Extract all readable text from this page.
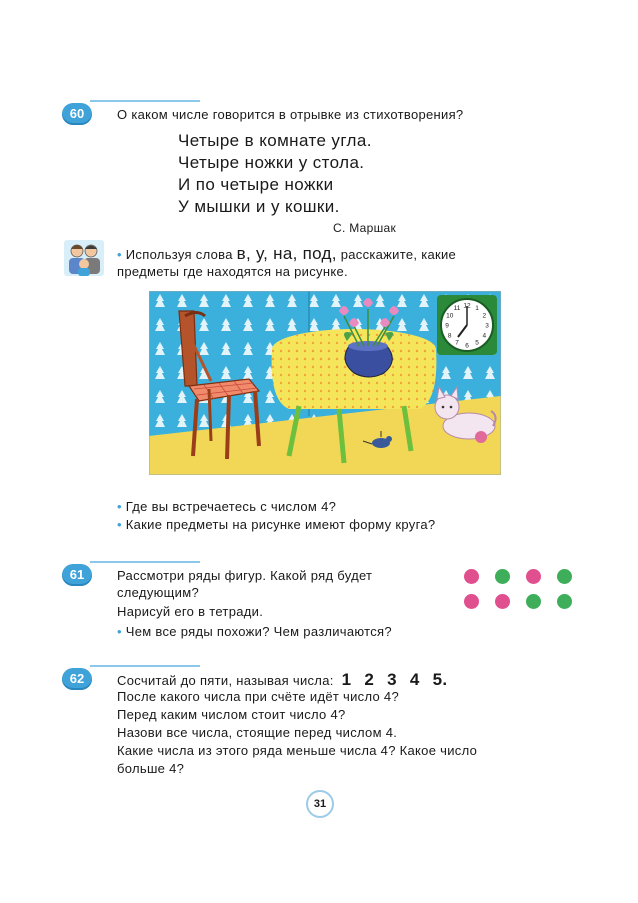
60	О каком числе говорится в отрывке из стихотворения?
Четыре в комнате угла.
Четыре ножки у стола.
И по четыре ножки
У мышки и у кошки.
С. Маршак
• Используя слова в, у, на, под, расскажите, какие
предметы где находятся на рисунке.
12 1
2
3
4
5
6
7
8
9
10
11
• Где вы встречаетесь с числом 4?
• Какие предметы на рисунке имеют форму круга?
61	Рассмотри ряды фигур. Какой ряд будет
следующим?
Нарисуй его в тетради.
• Чем все ряды похожи? Чем различаются?
62	Сосчитай до пяти, называя числа: 1 2 3 4 5.
После какого числа при счёте идёт число 4?
Перед каким числом стоит число 4?
Назови все числа, стоящие перед числом 4.
Какие числа из этого ряда меньше числа 4? Какое число
больше 4?
31
